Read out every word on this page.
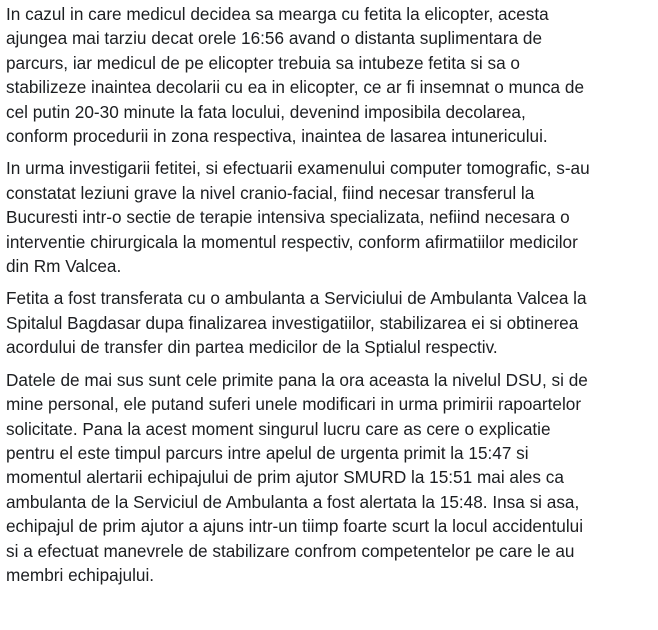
In cazul in care medicul decidea sa mearga cu fetita la elicopter, acesta
ajungea mai tarziu decat orele 16:56 avand o distanta suplimentara de
parcurs, iar medicul de pe elicopter trebuia sa intubeze fetita si sa o
stabilizeze inaintea decolarii cu ea in elicopter, ce ar fi insemnat o munca de
cel putin 20-30 minute la fata locului, devenind imposibila decolarea,
conform procedurii in zona respectiva, inaintea de lasarea intunericului.

In urma investigarii fetitei, si efectuarii examenului computer tomografic, s-au
constatat leziuni grave la nivel cranio-facial, fiind necesar transferul la
Bucuresti intr-o sectie de terapie intensiva specializata, nefiind necesara o
interventie chirurgicala la momentul respectiv, conform afirmatiilor medicilor
din Rm Valcea.

Fetita a fost transferata cu o ambulanta a Serviciului de Ambulanta Valcea la
Spitalul Bagdasar dupa finalizarea investigatiilor, stabilizarea ei si obtinerea
acordului de transfer din partea medicilor de la Sptialul respectiv.

Datele de mai sus sunt cele primite pana la ora aceasta la nivelul DSU, si de
mine personal, ele putand suferi unele modificari in urma primirii rapoartelor
solicitate. Pana la acest moment singurul lucru care as cere o explicatie
pentru el este timpul parcurs intre apelul de urgenta primit la 15:47 si
momentul alertarii echipajului de prim ajutor SMURD la 15:51 mai ales ca
ambulanta de la Serviciul de Ambulanta a fost alertata la 15:48. Insa si asa,
echipajul de prim ajutor a ajuns intr-un tiimp foarte scurt la locul accidentului
si a efectuat manevrele de stabilizare confrom competentelor pe care le au
membri echipajului.
